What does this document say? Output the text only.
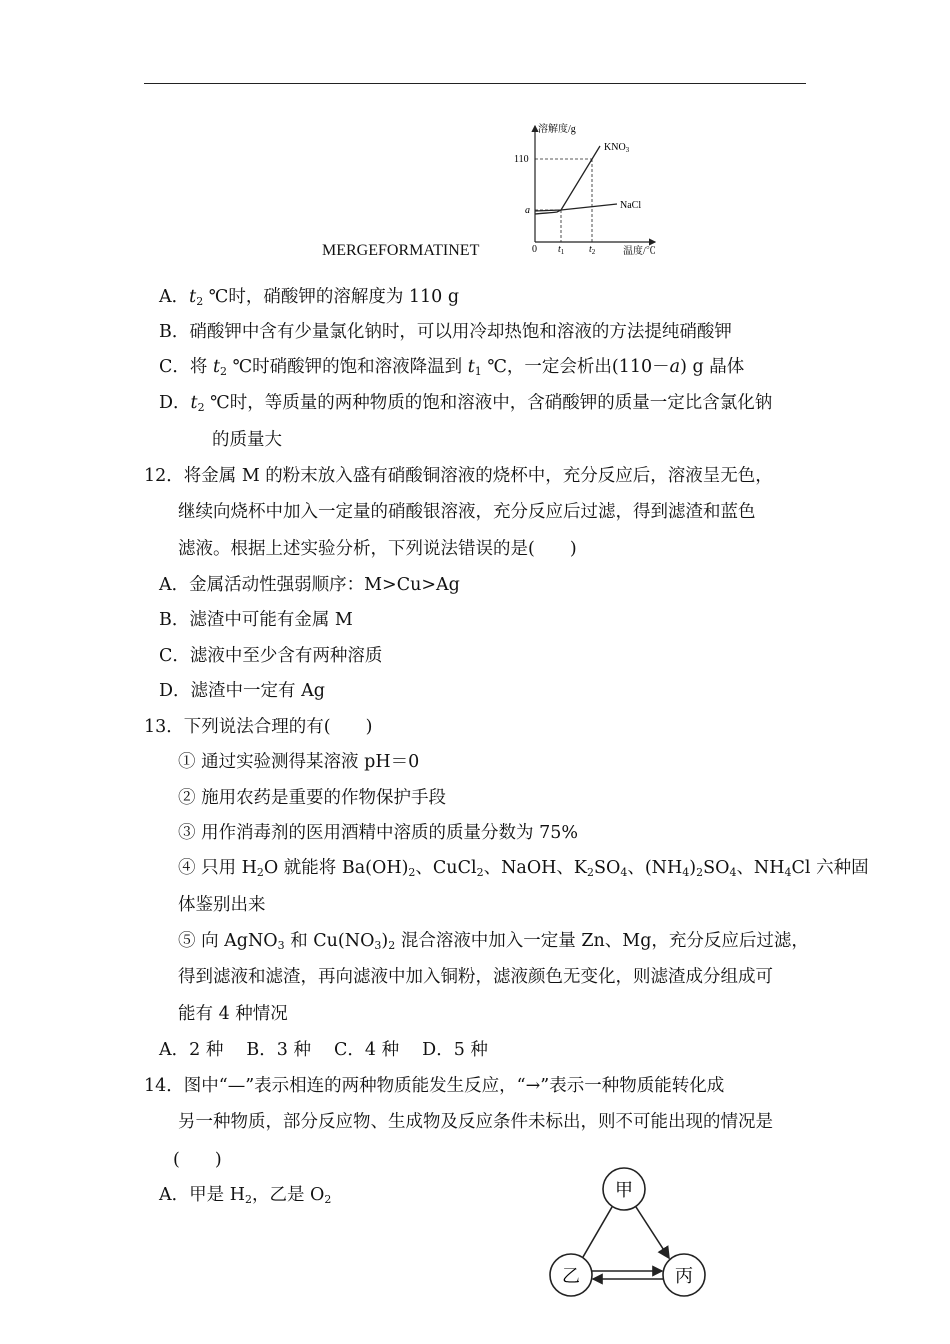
溶解度/g
温度/℃
110
a
0 $t_1$ $t_2$
$KNO_3$
NaCl
MERGEFORMATINET
A．$t_2$ ℃时，硝酸钾的溶解度为 110 g
B．硝酸钾中含有少量氯化钠时，可以用冷却热饱和溶液的方法提纯硝酸钾
C．将 $t_2$ ℃时硝酸钾的饱和溶液降温到 $t_1$ ℃，一定会析出(110－a) g 晶体
D．$t_2$ ℃时，等质量的两种物质的饱和溶液中，含硝酸钾的质量一定比含氯化钠
的质量大
12．将金属 M 的粉末放入盛有硝酸铜溶液的烧杯中，充分反应后，溶液呈无色，
继续向烧杯中加入一定量的硝酸银溶液，充分反应后过滤，得到滤渣和蓝色
滤液。根据上述实验分析，下列说法错误的是(　　)
A．金属活动性强弱顺序：M>Cu>Ag
B．滤渣中可能有金属 M
C．滤液中至少含有两种溶质
D．滤渣中一定有 Ag
13．下列说法合理的有(　　)
① 通过实验测得某溶液 pH＝0
② 施用农药是重要的作物保护手段
③ 用作消毒剂的医用酒精中溶质的质量分数为 75%
④ 只用 $H_2O$ 就能将 $Ba(OH)_2$、CuCl$_2$、NaOH、$K_2SO_4$、$(NH_4)_2SO_4$、$NH_4Cl$ 六种固
体鉴别出来
⑤ 向 AgNO$_3$ 和 $Cu(NO_3)_2$ 混合溶液中加入一定量 Zn、Mg，充分反应后过滤，
得到滤液和滤渣，再向滤液中加入铜粉，滤液颜色无变化，则滤渣成分组成可
能有 4 种情况
A．2 种　 B．3 种　 C．4 种　 D．5 种
14．图中“—”表示相连的两种物质能发生反应，“→”表示一种物质能转化成
另一种物质，部分反应物、生成物及反应条件未标出，则不可能出现的情况是
(　　)
A．甲是 $H_2$，乙是 $O_2$	甲
乙	丙
